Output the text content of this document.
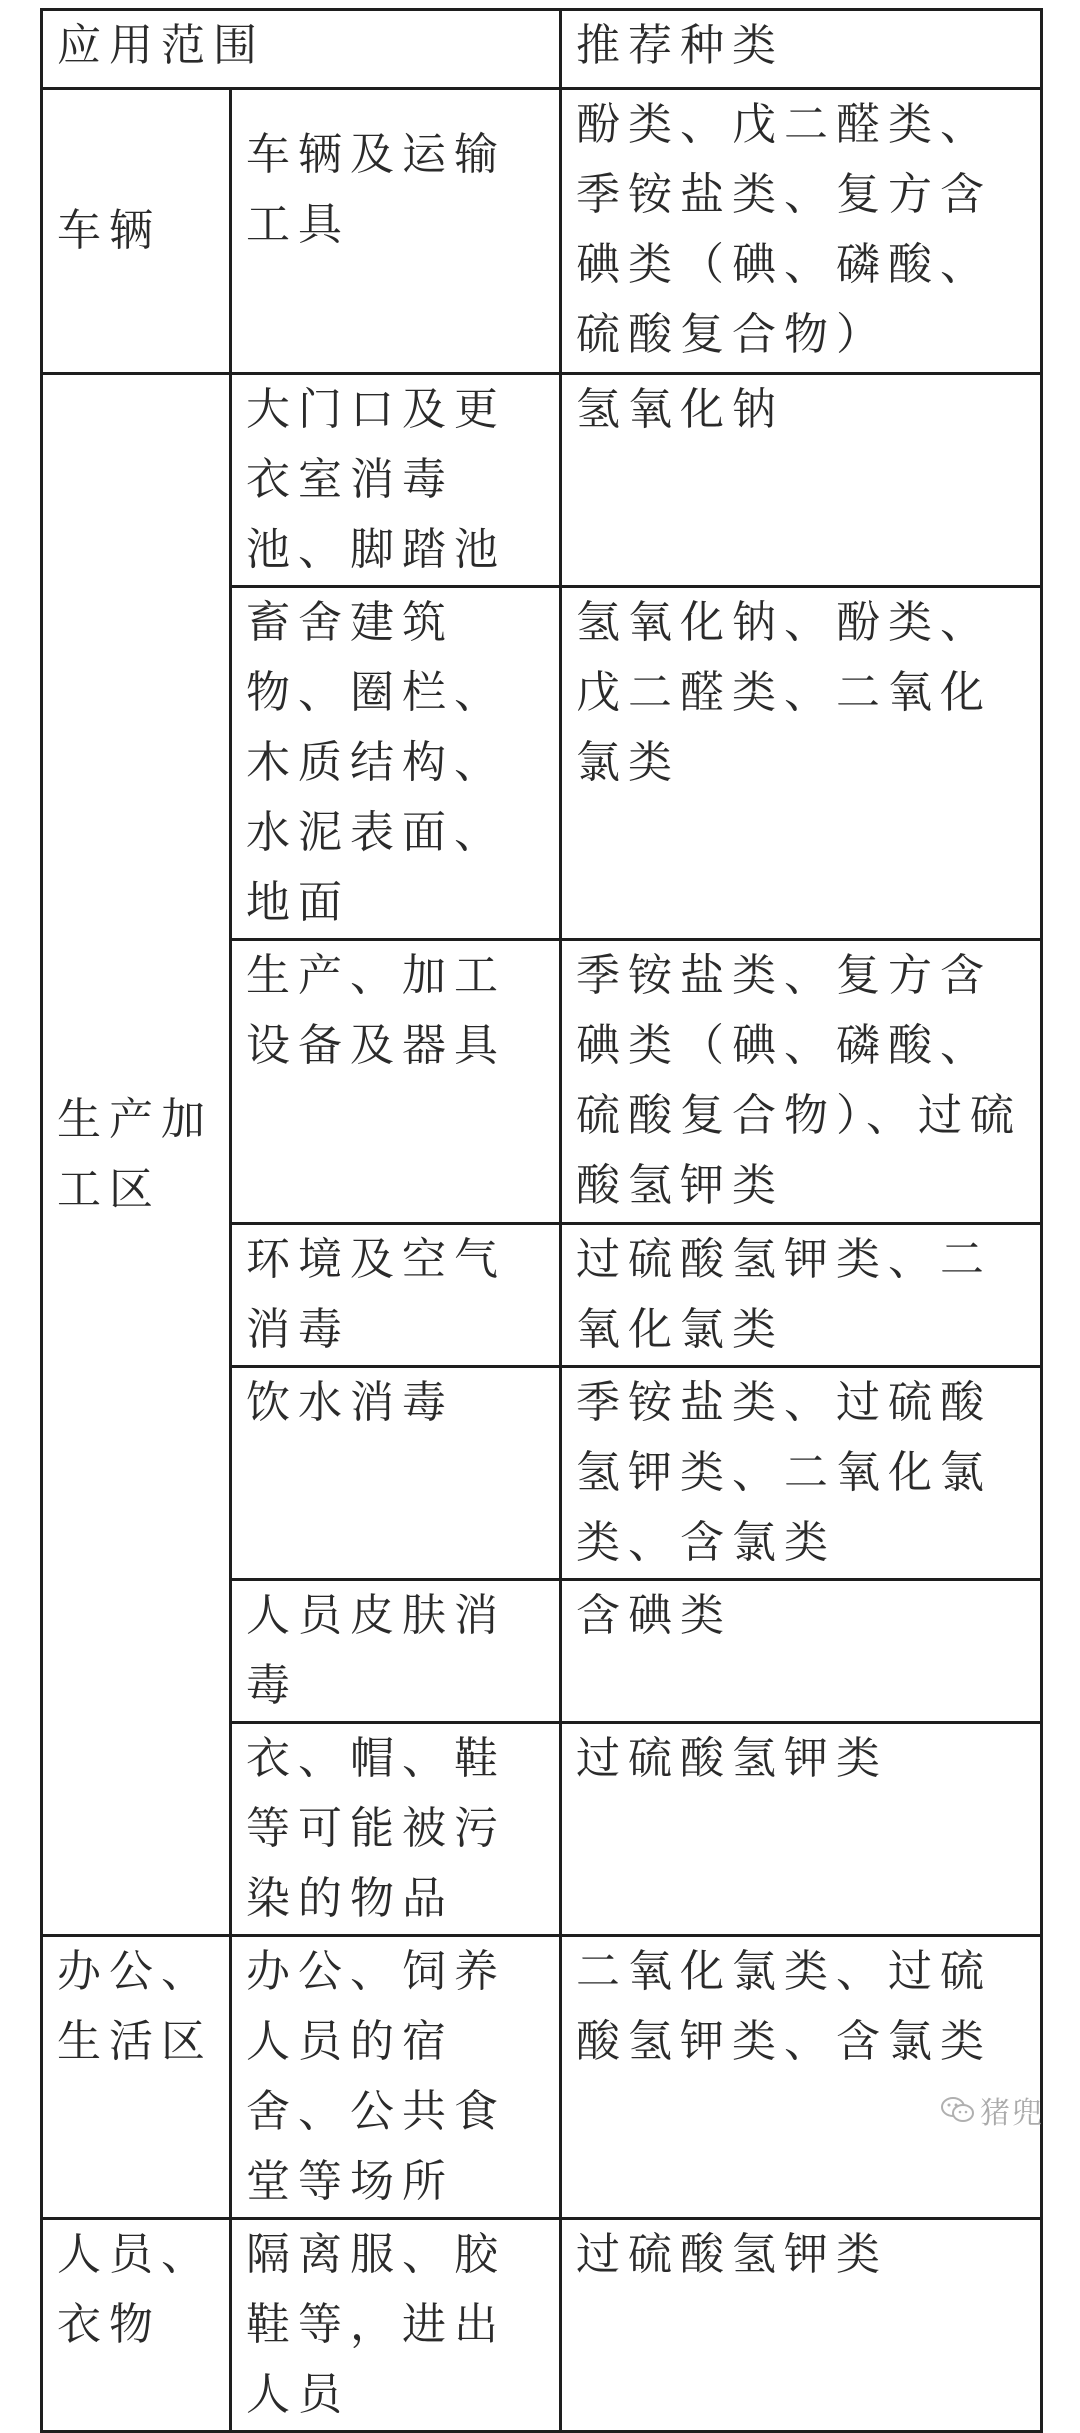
应用范围		推荐种类
车辆	车辆及运输工具	酚类、戊二醛类、季铵盐类、复方含碘类（碘、磷酸、硫酸复合物）
生产加工区	大门口及更衣室消毒池、脚踏池	氢氧化钠
	畜舍建筑物、圈栏、木质结构、水泥表面、地面	氢氧化钠、酚类、戊二醛类、二氧化氯类
	生产、加工设备及器具	季铵盐类、复方含碘类（碘、磷酸、硫酸复合物）、过硫酸氢钾类
	环境及空气消毒	过硫酸氢钾类、二氧化氯类
	饮水消毒	季铵盐类、过硫酸氢钾类、二氧化氯类、含氯类
	人员皮肤消毒	含碘类
	衣、帽、鞋等可能被污染的物品	过硫酸氢钾类
办公、生活区	办公、饲养人员的宿舍、公共食堂等场所	二氧化氯类、过硫酸氢钾类、含氯类
人员、衣物	隔离服、胶鞋等，进出人员	过硫酸氢钾类
猪兜
